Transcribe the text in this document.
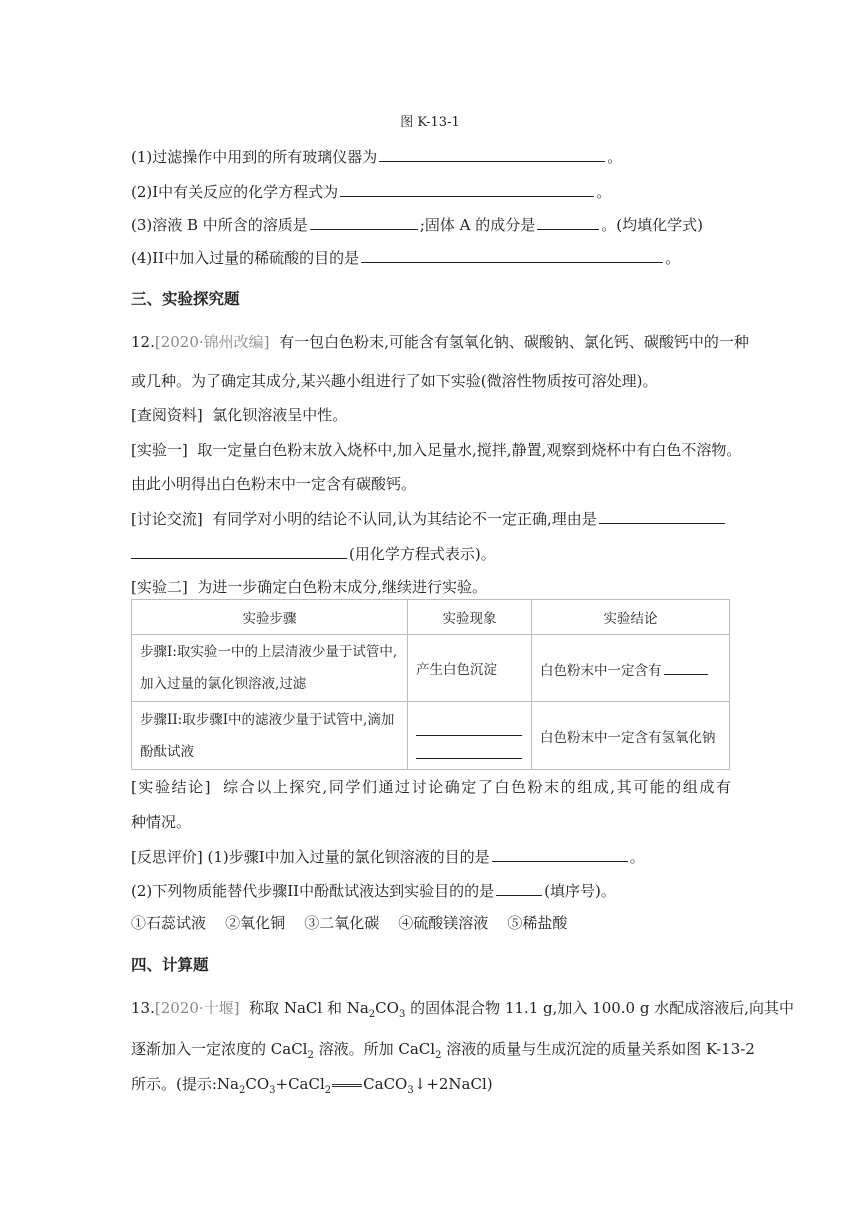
图 K-13-1
(1)过滤操作中用到的所有玻璃仪器为	。
(2)I中有关反应的化学方程式为	。
(3)溶液 B 中所含的溶质是	;固体 A 的成分是	。(均填化学式)
(4)II中加入过量的稀硫酸的目的是	。
三、实验探究题
12.[2020·锦州改编] 有一包白色粉末,可能含有氢氧化钠、碳酸钠、氯化钙、碳酸钙中的一种
或几种。为了确定其成分,某兴趣小组进行了如下实验(微溶性物质按可溶处理)。
[查阅资料] 氯化钡溶液呈中性。
[实验一] 取一定量白色粉末放入烧杯中,加入足量水,搅拌,静置,观察到烧杯中有白色不溶物。
由此小明得出白色粉末中一定含有碳酸钙。
[讨论交流] 有同学对小明的结论不认同,认为其结论不一定正确,理由是
(用化学方程式表示)。
[实验二] 为进一步确定白色粉末成分,继续进行实验。
实验步骤	实验现象	实验结论

步骤I:取实验一中的上层清液少量于试管中,
加入过量的氯化钡溶液,过滤	产生白色沉淀	白色粉末中一定含有

步骤II:取步骤I中的滤液少量于试管中,滴加
酚酞试液		白色粉末中一定含有氢氧化钠
[实验结论] 综合以上探究,同学们通过讨论确定了白色粉末的组成,其可能的组成有
种情况。
[反思评价] (1)步骤I中加入过量的氯化钡溶液的目的是	。
(2)下列物质能替代步骤II中酚酞试液达到实验目的的是	(填序号)。
①石蕊试液 ②氧化铜 ③二氧化碳 ④硫酸镁溶液 ⑤稀盐酸
四、计算题
13.[2020·十堰] 称取 NaCl 和 $Na_2CO_3$ 的固体混合物 11.1 g,加入 100.0 g 水配成溶液后,向其中
逐渐加入一定浓度的 CaCl$_2$ 溶液。所加 CaCl$_2$ 溶液的质量与生成沉淀的质量关系如图 K-13-2
所示。(提示$:Na_2CO_3+CaCl_2$ CaCO$_3$↓+2NaCl)
